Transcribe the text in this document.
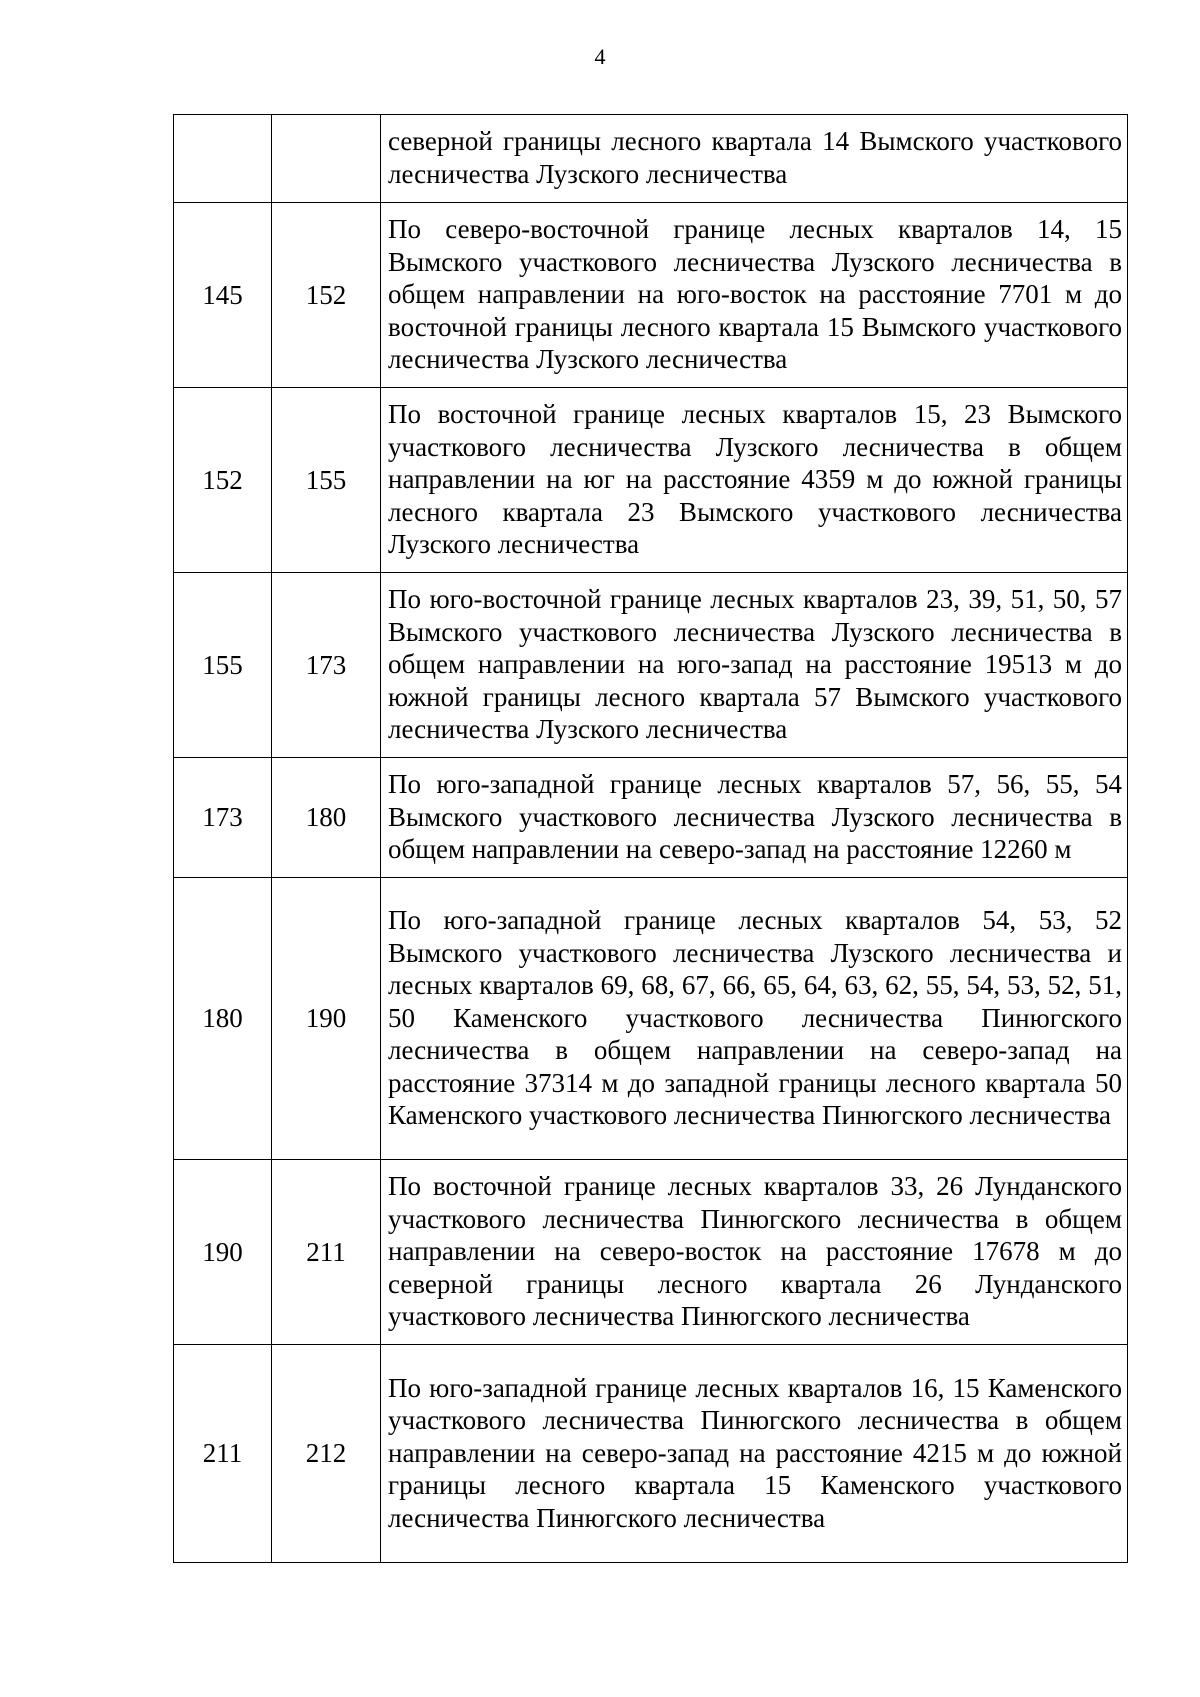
4
		северной границы лесного квартала 14 Вымского участкового лесничества Лузского лесничества
145	152	По северо-восточной границе лесных кварталов 14, 15 Вымского участкового лесничества Лузского лесничества в общем направлении на юго-восток на расстояние 7701 м до восточной границы лесного квартала 15 Вымского участкового лесничества Лузского лесничества
152	155	По восточной границе лесных кварталов 15, 23 Вымского участкового лесничества Лузского лесничества в общем направлении на юг на расстояние 4359 м до южной границы лесного квартала 23 Вымского участкового лесничества Лузского лесничества
155	173	По юго-восточной границе лесных кварталов 23, 39, 51, 50, 57 Вымского участкового лесничества Лузского лесничества в общем направлении на юго-запад на расстояние 19513 м до южной границы лесного квартала 57 Вымского участкового лесничества Лузского лесничества
173	180	По юго-западной границе лесных кварталов 57, 56, 55, 54 Вымского участкового лесничества Лузского лесничества в общем направлении на северо-запад на расстояние 12260 м
180	190	По юго-западной границе лесных кварталов 54, 53, 52 Вымского участкового лесничества Лузского лесничества и лесных кварталов 69, 68, 67, 66, 65, 64, 63, 62, 55, 54, 53, 52, 51, 50 Каменского участкового лесничества Пинюгского лесничества в общем направлении на северо-запад на расстояние 37314 м до западной границы лесного квартала 50 Каменского участкового лесничества Пинюгского лесничества
190	211	По восточной границе лесных кварталов 33, 26 Лунданского участкового лесничества Пинюгского лесничества в общем направлении на северо-восток на расстояние 17678 м до северной границы лесного квартала 26 Лунданского участкового лесничества Пинюгского лесничества
211	212	По юго-западной границе лесных кварталов 16, 15 Каменского участкового лесничества Пинюгского лесничества в общем направлении на северо-запад на расстояние 4215 м до южной границы лесного квартала 15 Каменского участкового лесничества Пинюгского лесничества
